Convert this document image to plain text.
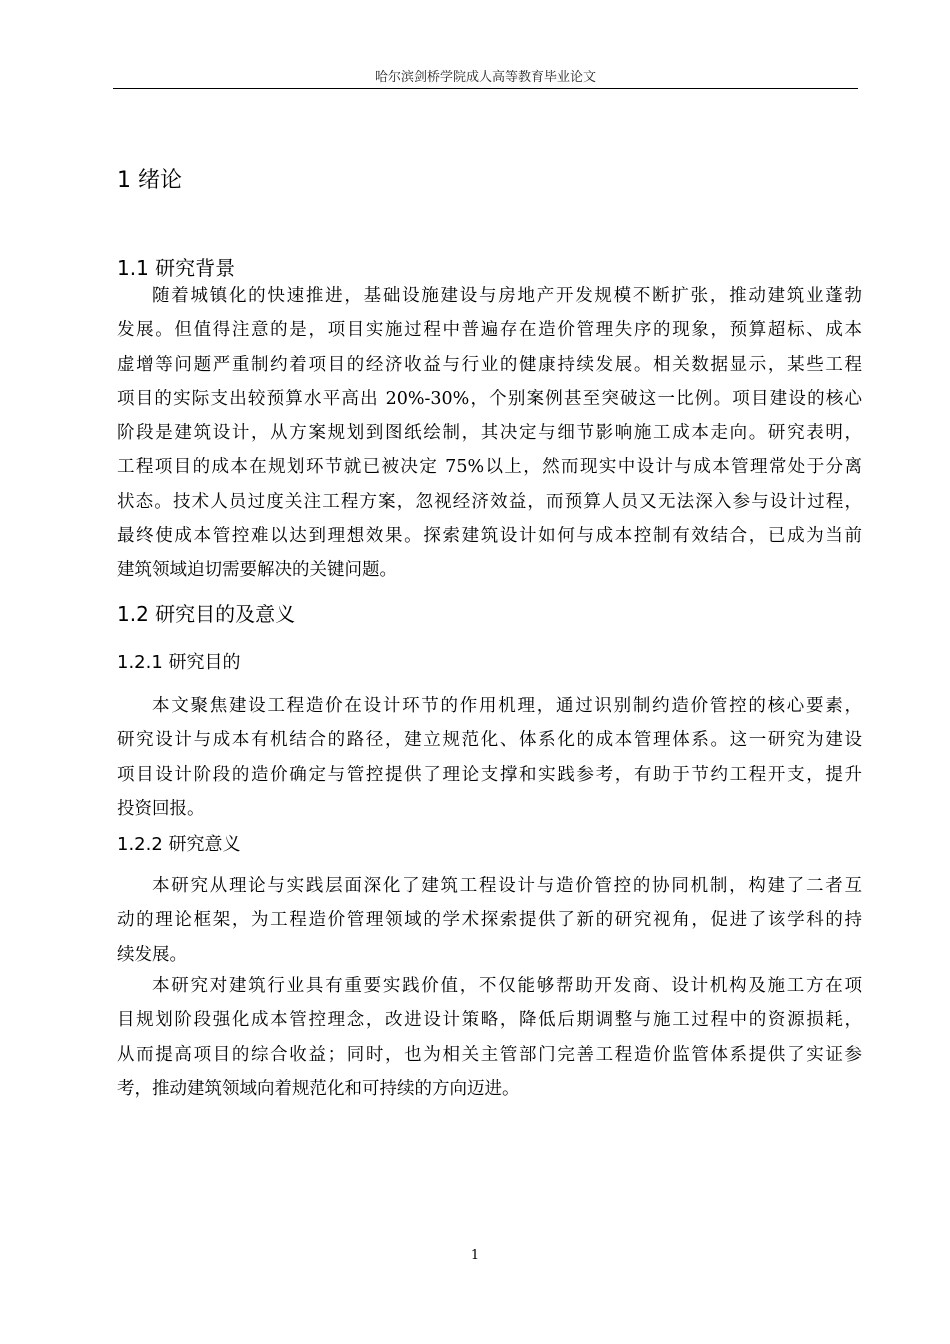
哈尔滨剑桥学院成人高等教育毕业论文
1 绪论
1.1 研究背景
随着城镇化的快速推进，基础设施建设与房地产开发规模不断扩张，推动建筑业蓬勃
发展。但值得注意的是，项目实施过程中普遍存在造价管理失序的现象，预算超标、成本
虚增等问题严重制约着项目的经济收益与行业的健康持续发展。相关数据显示，某些工程
项目的实际支出较预算水平高出 20%-30%，个别案例甚至突破这一比例。项目建设的核心
阶段是建筑设计，从方案规划到图纸绘制，其决定与细节影响施工成本走向。研究表明，
工程项目的成本在规划环节就已被决定 75%以上，然而现实中设计与成本管理常处于分离
状态。技术人员过度关注工程方案，忽视经济效益，而预算人员又无法深入参与设计过程，
最终使成本管控难以达到理想效果。探索建筑设计如何与成本控制有效结合，已成为当前
建筑领域迫切需要解决的关键问题。
1.2 研究目的及意义
1.2.1 研究目的
本文聚焦建设工程造价在设计环节的作用机理，通过识别制约造价管控的核心要素，
研究设计与成本有机结合的路径，建立规范化、体系化的成本管理体系。这一研究为建设
项目设计阶段的造价确定与管控提供了理论支撑和实践参考，有助于节约工程开支，提升
投资回报。
1.2.2 研究意义
本研究从理论与实践层面深化了建筑工程设计与造价管控的协同机制，构建了二者互
动的理论框架，为工程造价管理领域的学术探索提供了新的研究视角，促进了该学科的持
续发展。
本研究对建筑行业具有重要实践价值，不仅能够帮助开发商、设计机构及施工方在项
目规划阶段强化成本管控理念，改进设计策略，降低后期调整与施工过程中的资源损耗，
从而提高项目的综合收益；同时，也为相关主管部门完善工程造价监管体系提供了实证参
考，推动建筑领域向着规范化和可持续的方向迈进。
1
